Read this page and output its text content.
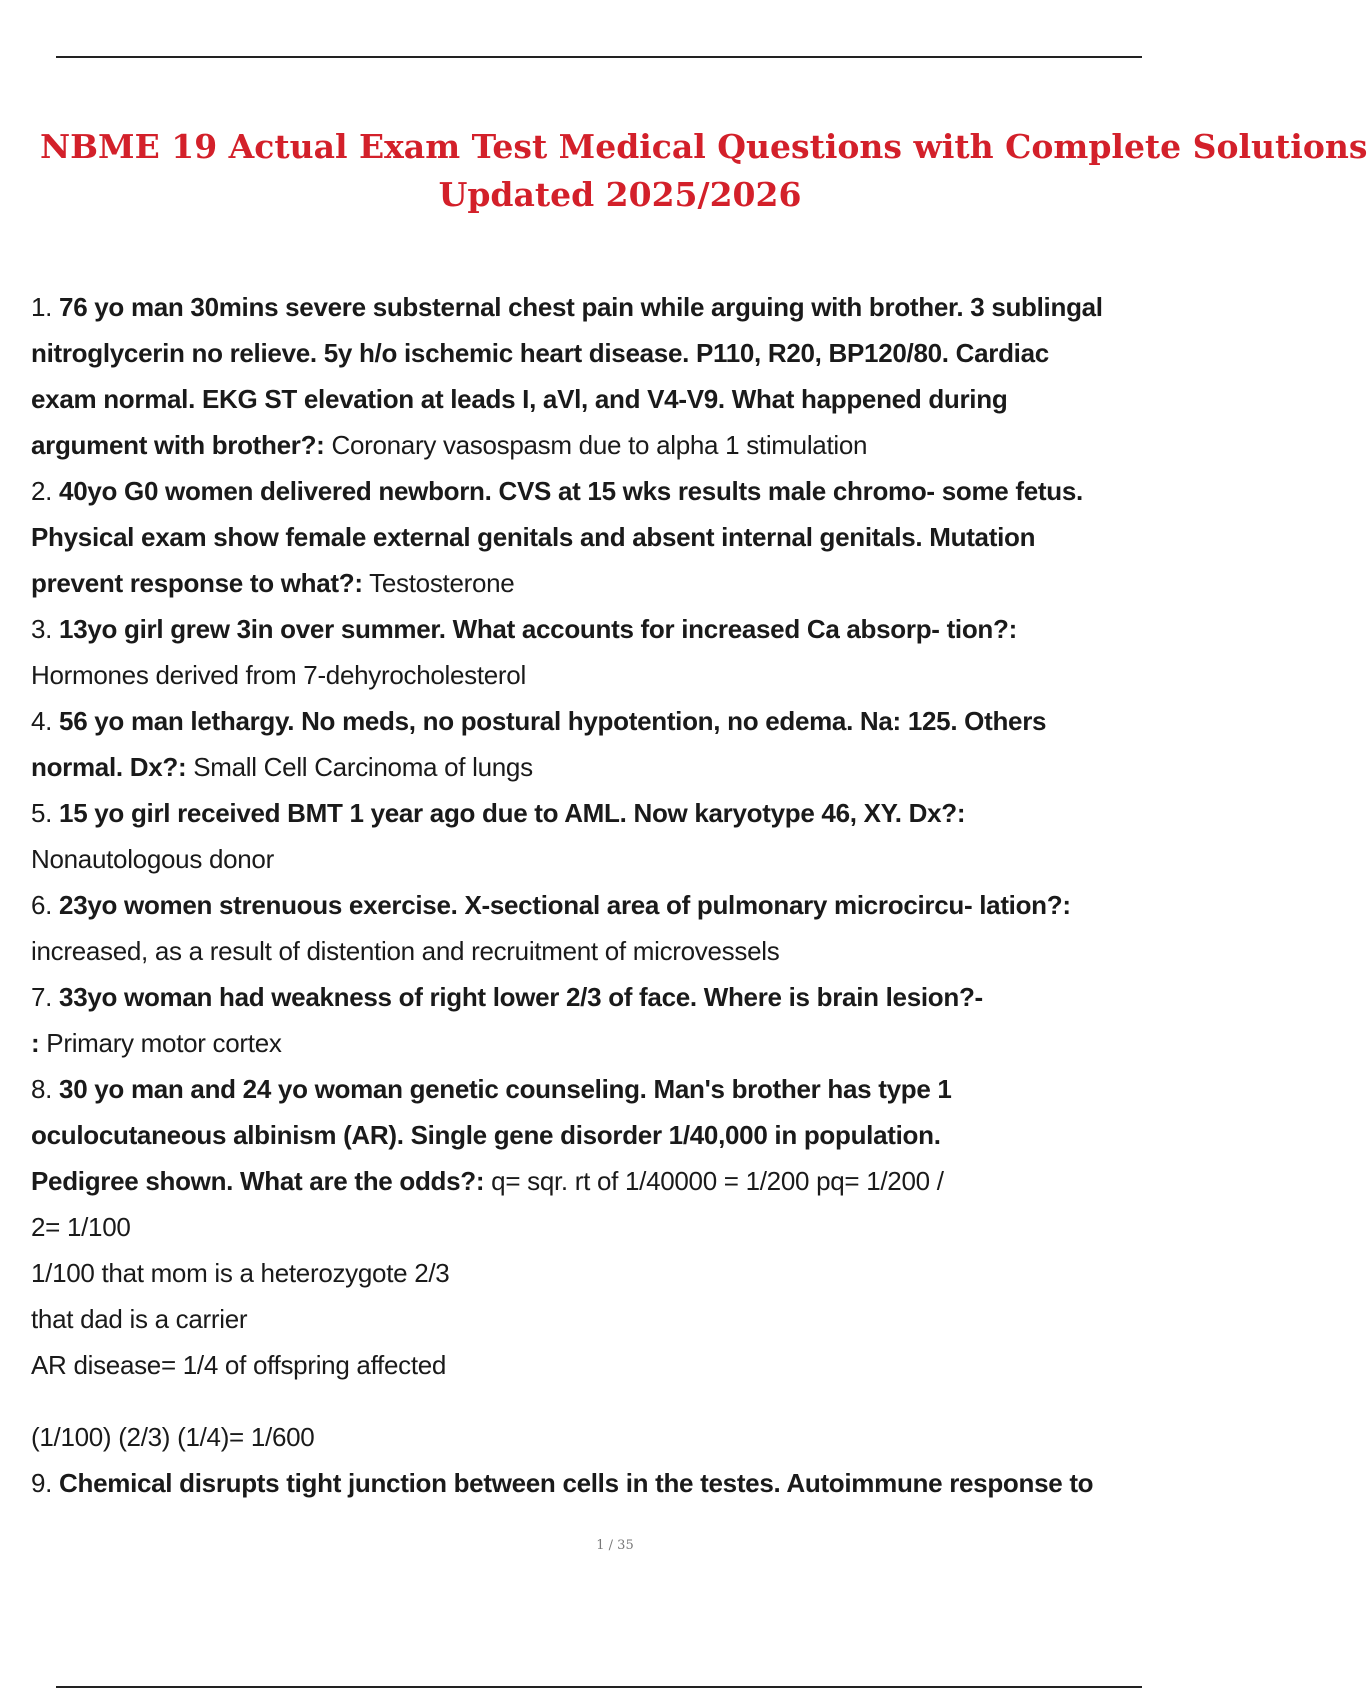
NBME 19 Actual Exam Test Medical Questions with Complete Solutions
Updated 2025/2026
1. 76 yo man 30mins severe substernal chest pain while arguing with brother. 3 sublingal
nitroglycerin no relieve. 5y h/o ischemic heart disease. P110, R20, BP120/80. Cardiac
exam normal. EKG ST elevation at leads I, aVl, and V4-V9. What happened during
argument with brother?: Coronary vasospasm due to alpha 1 stimulation
2. 40yo G0 women delivered newborn. CVS at 15 wks results male chromo- some fetus.
Physical exam show female external genitals and absent internal genitals. Mutation
prevent response to what?: Testosterone
3. 13yo girl grew 3in over summer. What accounts for increased Ca absorp- tion?:
Hormones derived from 7-dehyrocholesterol
4. 56 yo man lethargy. No meds, no postural hypotention, no edema. Na: 125. Others
normal. Dx?: Small Cell Carcinoma of lungs
5. 15 yo girl received BMT 1 year ago due to AML. Now karyotype 46, XY. Dx?:
Nonautologous donor
6. 23yo women strenuous exercise. X-sectional area of pulmonary microcircu- lation?:
increased, as a result of distention and recruitment of microvessels
7. 33yo woman had weakness of right lower 2/3 of face. Where is brain lesion?-
: Primary motor cortex
8. 30 yo man and 24 yo woman genetic counseling. Man's brother has type 1
oculocutaneous albinism (AR). Single gene disorder 1/40,000 in population.
Pedigree shown. What are the odds?: q= sqr. rt of 1/40000 = 1/200 pq= 1/200 /
2= 1/100
1/100 that mom is a heterozygote 2/3
that dad is a carrier
AR disease= 1/4 of offspring affected
(1/100) (2/3) (1/4)= 1/600
9. Chemical disrupts tight junction between cells in the testes. Autoimmune response to
1 / 35
